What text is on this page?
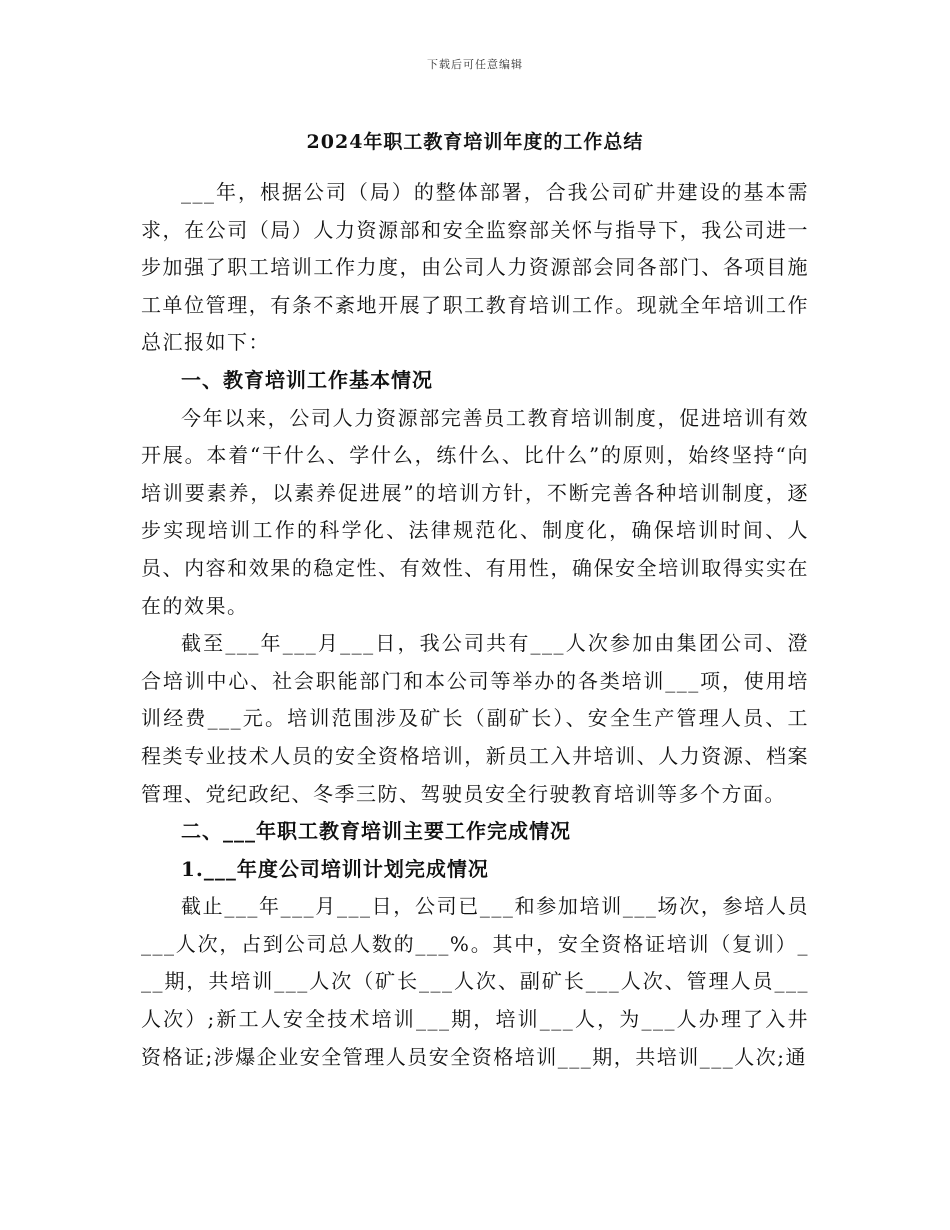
下载后可任意编辑
2024年职工教育培训年度的工作总结

___年，根据公司（局）的整体部署，合我公司矿井建设的基本需求，在公司（局）人力资源部和安全监察部关怀与指导下，我公司进一步加强了职工培训工作力度，由公司人力资源部会同各部门、各项目施工单位管理，有条不紊地开展了职工教育培训工作。现就全年培训工作总汇报如下：

一、教育培训工作基本情况

今年以来，公司人力资源部完善员工教育培训制度，促进培训有效开展。本着“干什么、学什么，练什么、比什么”的原则，始终坚持“向培训要素养，以素养促进展”的培训方针，不断完善各种培训制度，逐步实现培训工作的科学化、法律规范化、制度化，确保培训时间、人员、内容和效果的稳定性、有效性、有用性，确保安全培训取得实实在在的效果。

截至___年___月___日，我公司共有___人次参加由集团公司、澄合培训中心、社会职能部门和本公司等举办的各类培训___项，使用培训经费___元。培训范围涉及矿长（副矿长）、安全生产管理人员、工程类专业技术人员的安全资格培训，新员工入井培训、人力资源、档案管理、党纪政纪、冬季三防、驾驶员安全行驶教育培训等多个方面。

二、___年职工教育培训主要工作完成情况

1.___年度公司培训计划完成情况

截止___年___月___日，公司已___和参加培训___场次，参培人员___人次，占到公司总人数的___%。其中，安全资格证培训（复训）___期，共培训___人次（矿长___人次、副矿长___人次、管理人员___人次）;新工人安全技术培训___期，培训___人，为___人办理了入井资格证;涉爆企业安全管理人员安全资格培训___期，共培训___人次;通
